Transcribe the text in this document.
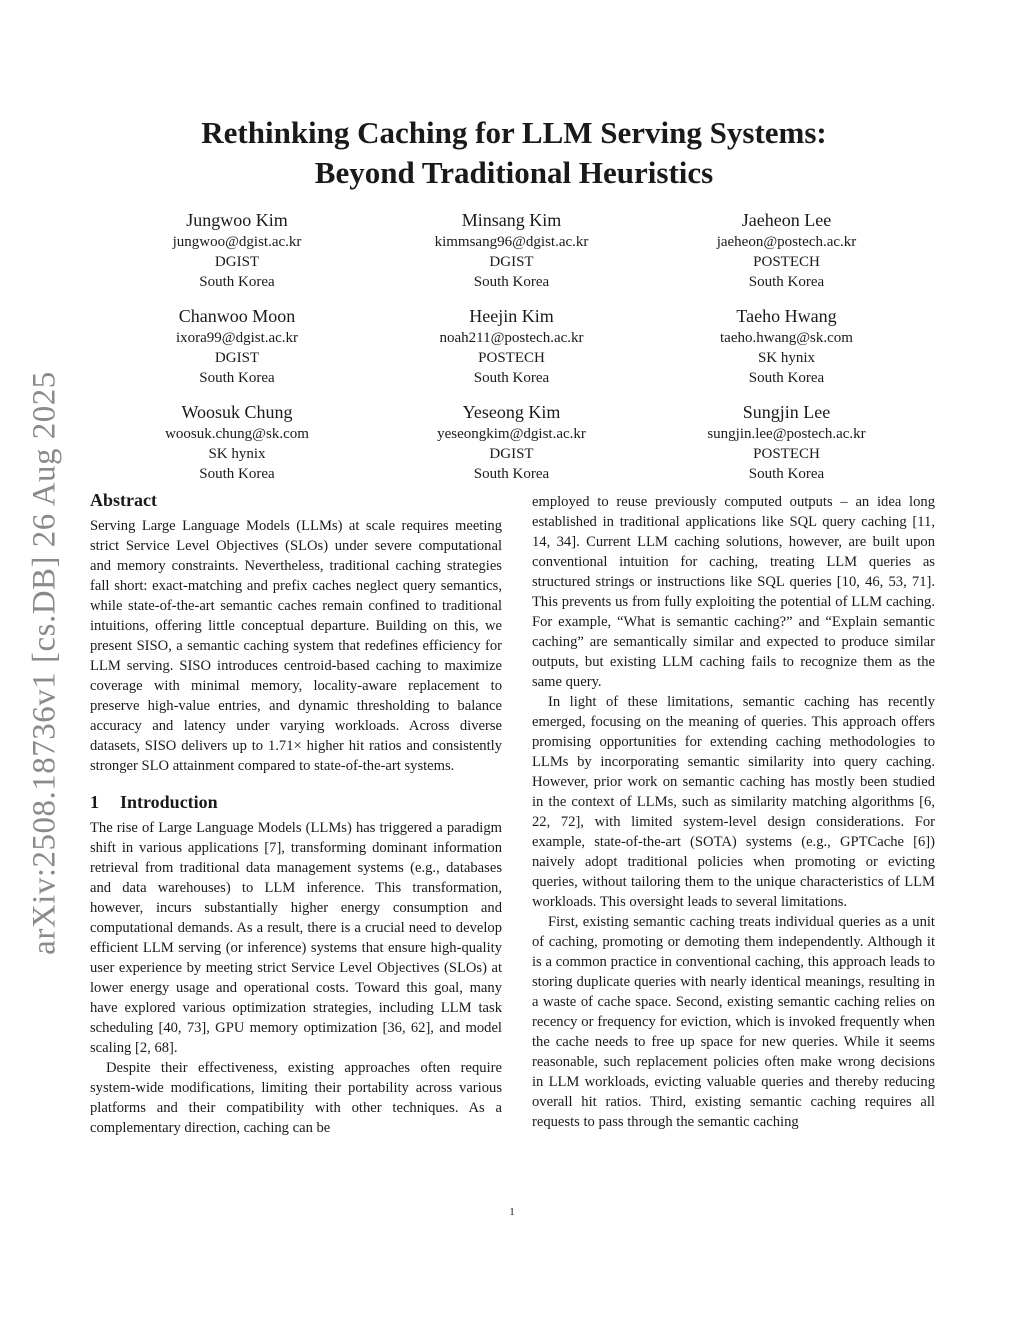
arXiv:2508.18736v1 [cs.DB] 26 Aug 2025
Rethinking Caching for LLM Serving Systems:
Beyond Traditional Heuristics
Jungwoo Kim
jungwoo@dgist.ac.kr
DGIST
South Korea
Minsang Kim
kimmsang96@dgist.ac.kr
DGIST
South Korea
Jaeheon Lee
jaeheon@postech.ac.kr
POSTECH
South Korea
Chanwoo Moon
ixora99@dgist.ac.kr
DGIST
South Korea
Heejin Kim
noah211@postech.ac.kr
POSTECH
South Korea
Taeho Hwang
taeho.hwang@sk.com
SK hynix
South Korea
Woosuk Chung
woosuk.chung@sk.com
SK hynix
South Korea
Yeseong Kim
yeseongkim@dgist.ac.kr
DGIST
South Korea
Sungjin Lee
sungjin.lee@postech.ac.kr
POSTECH
South Korea
Abstract

Serving Large Language Models (LLMs) at scale requires meeting strict Service Level Objectives (SLOs) under severe computational and memory constraints. Nevertheless, traditional caching strategies fall short: exact-matching and prefix caches neglect query semantics, while state-of-the-art semantic caches remain confined to traditional intuitions, offering little conceptual departure. Building on this, we present SISO, a semantic caching system that redefines efficiency for LLM serving. SISO introduces centroid-based caching to maximize coverage with minimal memory, locality-aware replacement to preserve high-value entries, and dynamic thresholding to balance accuracy and latency under varying workloads. Across diverse datasets, SISO delivers up to 1.71× higher hit ratios and consistently stronger SLO attainment compared to state-of-the-art systems.

1 Introduction

The rise of Large Language Models (LLMs) has triggered a paradigm shift in various applications [7], transforming dominant information retrieval from traditional data management systems (e.g., databases and data warehouses) to LLM inference. This transformation, however, incurs substantially higher energy consumption and computational demands. As a result, there is a crucial need to develop efficient LLM serving (or inference) systems that ensure high-quality user experience by meeting strict Service Level Objectives (SLOs) at lower energy usage and operational costs. Toward this goal, many have explored various optimization strategies, including LLM task scheduling [40, 73], GPU memory optimization [36, 62], and model scaling [2, 68].

Despite their effectiveness, existing approaches often require system-wide modifications, limiting their portability across various platforms and their compatibility with other techniques. As a complementary direction, caching can be

employed to reuse previously computed outputs – an idea long established in traditional applications like SQL query caching [11, 14, 34]. Current LLM caching solutions, however, are built upon conventional intuition for caching, treating LLM queries as structured strings or instructions like SQL queries [10, 46, 53, 71]. This prevents us from fully exploiting the potential of LLM caching. For example, “What is semantic caching?” and “Explain semantic caching” are semantically similar and expected to produce similar outputs, but existing LLM caching fails to recognize them as the same query.

In light of these limitations, semantic caching has recently emerged, focusing on the meaning of queries. This approach offers promising opportunities for extending caching methodologies to LLMs by incorporating semantic similarity into query caching. However, prior work on semantic caching has mostly been studied in the context of LLMs, such as similarity matching algorithms [6, 22, 72], with limited system-level design considerations. For example, state-of-the-art (SOTA) systems (e.g., GPTCache [6]) naively adopt traditional policies when promoting or evicting queries, without tailoring them to the unique characteristics of LLM workloads. This oversight leads to several limitations.

First, existing semantic caching treats individual queries as a unit of caching, promoting or demoting them independently. Although it is a common practice in conventional caching, this approach leads to storing duplicate queries with nearly identical meanings, resulting in a waste of cache space. Second, existing semantic caching relies on recency or frequency for eviction, which is invoked frequently when the cache needs to free up space for new queries. While it seems reasonable, such replacement policies often make wrong decisions in LLM workloads, evicting valuable queries and thereby reducing overall hit ratios. Third, existing semantic caching requires all requests to pass through the semantic caching

1
